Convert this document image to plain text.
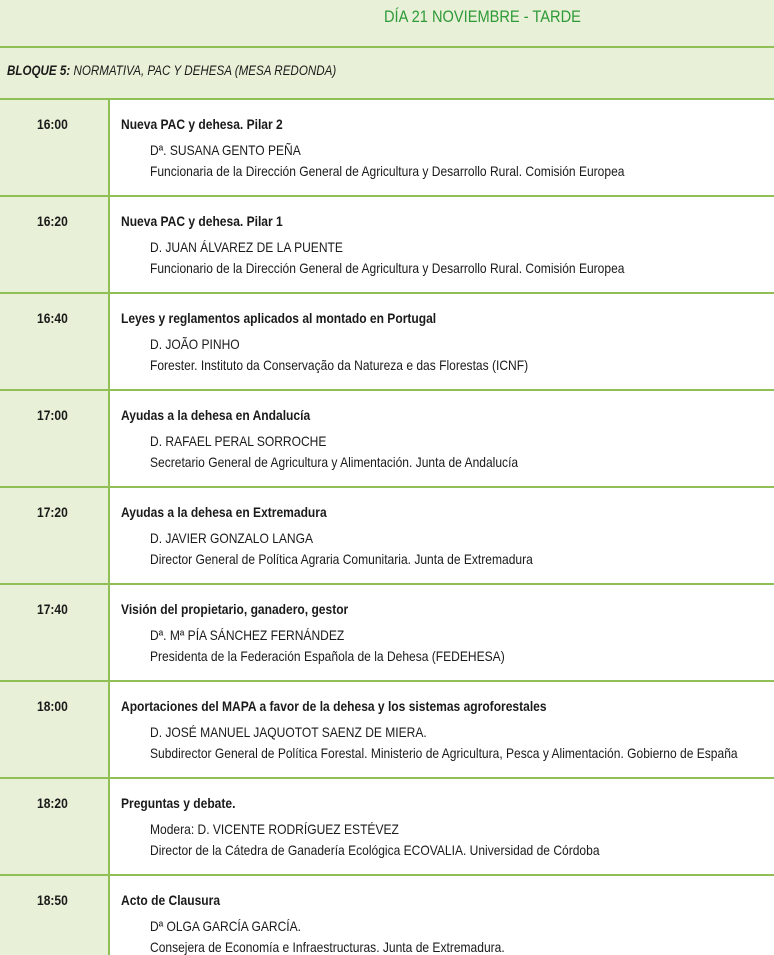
DÍA 21 NOVIEMBRE - TARDE
BLOQUE 5: NORMATIVA, PAC Y DEHESA (MESA REDONDA)
16:00	Nueva PAC y dehesa. Pilar 2
Dª. SUSANA GENTO PEÑA
Funcionaria de la Dirección General de Agricultura y Desarrollo Rural. Comisión Europea
16:20	Nueva PAC y dehesa. Pilar 1
D. JUAN ÁLVAREZ DE LA PUENTE
Funcionario de la Dirección General de Agricultura y Desarrollo Rural. Comisión Europea
16:40	Leyes y reglamentos aplicados al montado en Portugal
D. JOÃO PINHO
Forester. Instituto da Conservação da Natureza e das Florestas (ICNF)
17:00	Ayudas a la dehesa en Andalucía
D. RAFAEL PERAL SORROCHE
Secretario General de Agricultura y Alimentación. Junta de Andalucía
17:20	Ayudas a la dehesa en Extremadura
D. JAVIER GONZALO LANGA
Director General de Política Agraria Comunitaria. Junta de Extremadura
17:40	Visión del propietario, ganadero, gestor
Dª. Mª PÍA SÁNCHEZ FERNÁNDEZ
Presidenta de la Federación Española de la Dehesa (FEDEHESA)
18:00	Aportaciones del MAPA a favor de la dehesa y los sistemas agroforestales
D. JOSÉ MANUEL JAQUOTOT SAENZ DE MIERA.
Subdirector General de Política Forestal. Ministerio de Agricultura, Pesca y Alimentación. Gobierno de España
18:20	Preguntas y debate.
Modera: D. VICENTE RODRÍGUEZ ESTÉVEZ
Director de la Cátedra de Ganadería Ecológica ECOVALIA. Universidad de Córdoba
18:50	Acto de Clausura
Dª OLGA GARCÍA GARCÍA.
Consejera de Economía e Infraestructuras. Junta de Extremadura.
